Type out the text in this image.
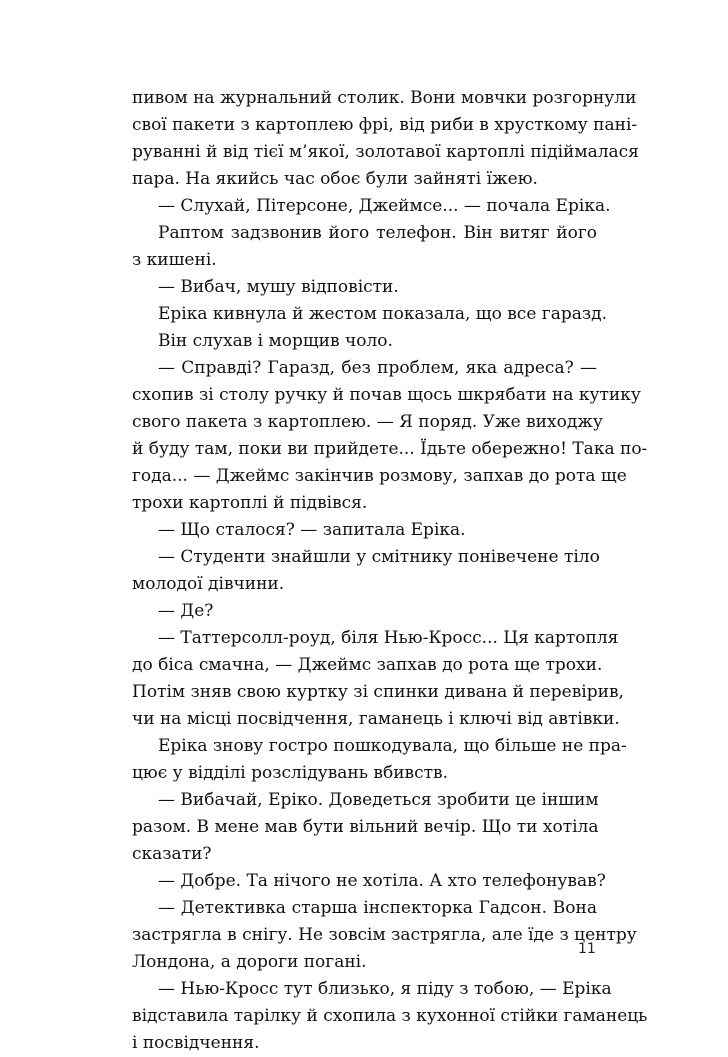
пивом на журнальний столик. Вони мовчки розгорнули
свої пакети з картоплею фрі, від риби в хрусткому пані-
руванні й від тієї м’якої, золотавої картоплі підіймалася
пара. На якийсь час обоє були зайняті їжею.
— Слухай, Пітерсоне, Джеймсе... — почала Еріка.
Раптом задзвонив його телефон. Він витяг його
з кишені.
— Вибач, мушу відповісти.
Еріка кивнула й жестом показала, що все гаразд.
Він слухав і морщив чоло.
— Справді? Гаразд, без проблем, яка адреса? —
схопив зі столу ручку й почав щось шкрябати на кутику
свого пакета з картоплею. — Я поряд. Уже виходжу
й буду там, поки ви прийдете... Їдьте обережно! Така по-
года... — Джеймс закінчив розмову, запхав до рота ще
трохи картоплі й підвівся.
— Що сталося? — запитала Еріка.
— Студенти знайшли у смітнику понівечене тіло
молодої дівчини.
— Де?
— Таттерсолл-роуд, біля Нью-Кросс... Ця картопля
до біса смачна, — Джеймс запхав до рота ще трохи.
Потім зняв свою куртку зі спинки дивана й перевірив,
чи на місці посвідчення, гаманець і ключі від автівки.
Еріка знову гостро пошкодувала, що більше не пра-
цює у відділі розслідувань вбивств.
— Вибачай, Еріко. Доведеться зробити це іншим
разом. В мене мав бути вільний вечір. Що ти хотіла
сказати?
— Добре. Та нічого не хотіла. А хто телефонував?
— Детективка старша інспекторка Гадсон. Вона
застрягла в снігу. Не зовсім застрягла, але їде з центру
Лондона, а дороги погані.
— Нью-Кросс тут близько, я піду з тобою, — Еріка
відставила тарілку й схопила з кухонної стійки гаманець
і посвідчення.
11
